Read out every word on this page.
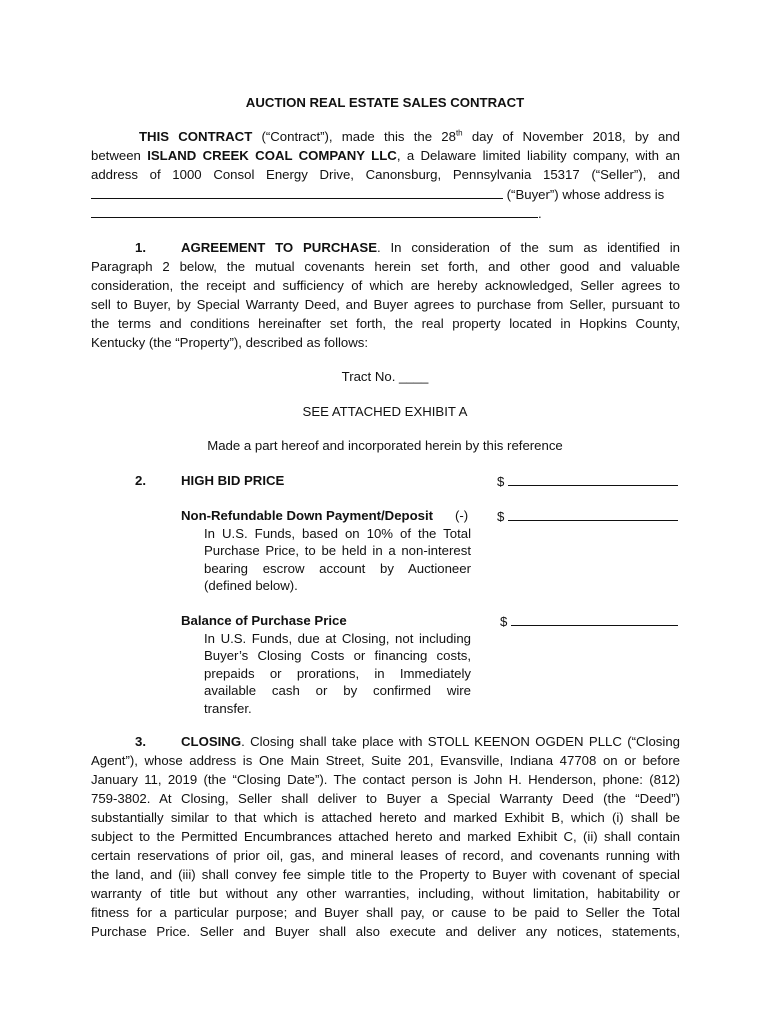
AUCTION REAL ESTATE SALES CONTRACT
THIS CONTRACT (“Contract”), made this the 28th day of November 2018, by and
between ISLAND CREEK COAL COMPANY LLC, a Delaware limited liability company, with an
address of 1000 Consol Energy Drive, Canonsburg, Pennsylvania 15317 (“Seller”), and
(“Buyer”) whose address is
.
1.	AGREEMENT TO PURCHASE. In consideration of the sum as identified in
Paragraph 2 below, the mutual covenants herein set forth, and other good and valuable
consideration, the receipt and sufficiency of which are hereby acknowledged, Seller agrees to
sell to Buyer, by Special Warranty Deed, and Buyer agrees to purchase from Seller, pursuant to
the terms and conditions hereinafter set forth, the real property located in Hopkins County,
Kentucky (the “Property”), described as follows:
Tract No. ____
SEE ATTACHED EXHIBIT A
Made a part hereof and incorporated herein by this reference
2.	HIGH BID PRICE	$
Non-Refundable Down Payment/Deposit (-) $
In U.S. Funds, based on 10% of the Total
Purchase Price, to be held in a non-interest
bearing escrow account by Auctioneer
(defined below).
Balance of Purchase Price	$
In U.S. Funds, due at Closing, not including
Buyer’s Closing Costs or financing costs,
prepaids or prorations, in Immediately
available cash or by confirmed wire
transfer.
3.	CLOSING. Closing shall take place with STOLL KEENON OGDEN PLLC (“Closing
Agent”), whose address is One Main Street, Suite 201, Evansville, Indiana 47708 on or before
January 11, 2019 (the “Closing Date”). The contact person is John H. Henderson, phone: (812)
759-3802. At Closing, Seller shall deliver to Buyer a Special Warranty Deed (the “Deed”)
substantially similar to that which is attached hereto and marked Exhibit B, which (i) shall be
subject to the Permitted Encumbrances attached hereto and marked Exhibit C, (ii) shall contain
certain reservations of prior oil, gas, and mineral leases of record, and covenants running with
the land, and (iii) shall convey fee simple title to the Property to Buyer with covenant of special
warranty of title but without any other warranties, including, without limitation, habitability or
fitness for a particular purpose; and Buyer shall pay, or cause to be paid to Seller the Total
Purchase Price. Seller and Buyer shall also execute and deliver any notices, statements,
